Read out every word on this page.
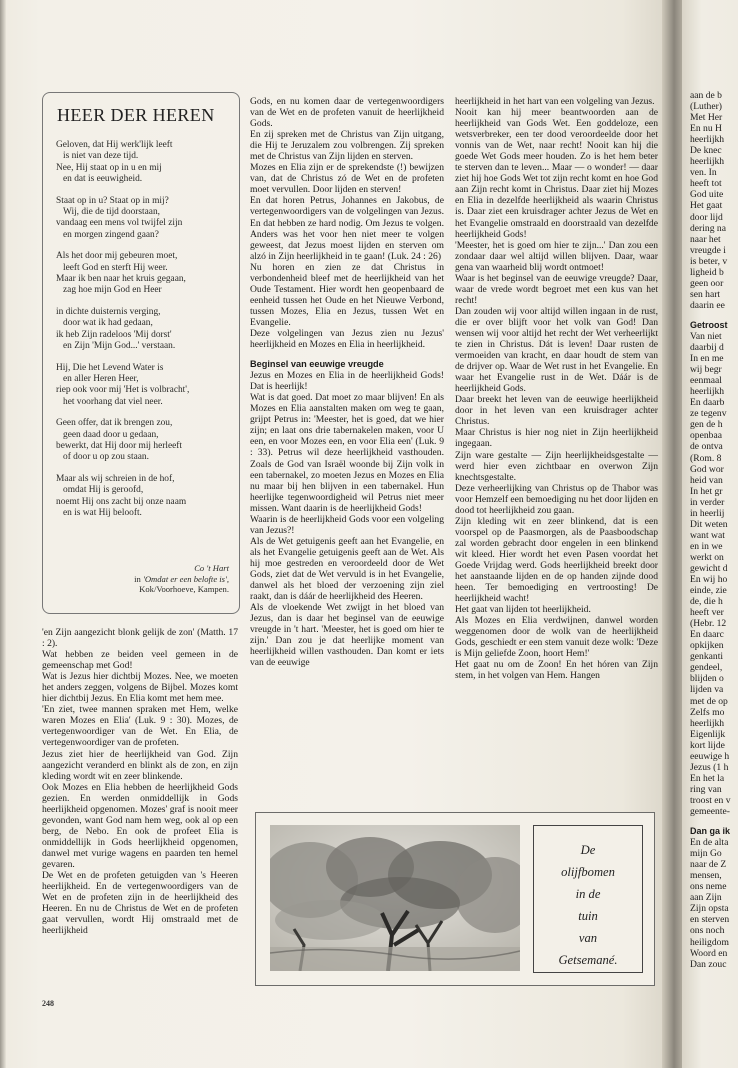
HEER DER HEREN
Geloven, dat Hij werk'lijk leeft
is niet van deze tijd.
Nee, Hij staat op in u en mij
en dat is eeuwigheid.
Staat op in u? Staat op in mij?
Wij, die de tijd doorstaan,
vandaag een mens vol twijfel zijn
en morgen zingend gaan?
Als het door mij gebeuren moet,
leeft God en sterft Hij weer.
Maar ik ben naar het kruis gegaan,
zag hoe mijn God en Heer
in dichte duisternis verging,
door wat ik had gedaan,
ik heb Zijn radeloos 'Mij dorst'
en Zijn 'Mijn God...' verstaan.
Hij, Die het Levend Water is
en aller Heren Heer,
riep ook voor mij 'Het is volbracht',
het voorhang dat viel neer.
Geen offer, dat ik brengen zou,
geen daad door u gedaan,
bewerkt, dat Hij door mij herleeft
of door u op zou staan.
Maar als wij schreien in de hof,
omdat Hij is geroofd,
noemt Hij ons zacht bij onze naam
en is wat Hij belooft.
Co 't Hart
in 'Omdat er een belofte is',
Kok/Voorhoeve, Kampen.

'en Zijn aangezicht blonk gelijk de zon' (Matth. 17 : 2).

Wat hebben ze beiden veel gemeen in de gemeenschap met God!

Wat is Jezus hier dichtbij Mozes. Nee, we moeten het anders zeggen, volgens de Bijbel. Mozes komt hier dichtbij Jezus. En Elia komt met hem mee.

'En ziet, twee mannen spraken met Hem, welke waren Mozes en Elia' (Luk. 9 : 30). Mozes, de vertegenwoordiger van de Wet. En Elia, de vertegenwoordiger van de profeten.

Jezus ziet hier de heerlijkheid van God. Zijn aangezicht veranderd en blinkt als de zon, en zijn kleding wordt wit en zeer blinkende.

Ook Mozes en Elia hebben de heerlijkheid Gods gezien. En werden onmiddellijk in Gods heerlijkheid opgenomen. Mozes' graf is nooit meer gevonden, want God nam hem weg, ook al op een berg, de Nebo. En ook de profeet Elia is onmiddellijk in Gods heerlijkheid opgenomen, danwel met vurige wagens en paarden ten hemel gevaren.

De Wet en de profeten getuigden van 's Heeren heerlijkheid. En de vertegenwoordigers van de Wet en de profeten zijn in de heerlijkheid des Heeren. En nu de Christus de Wet en de profeten gaat vervullen, wordt Hij omstraald met de heerlijkheid

Gods, en nu komen daar de vertegenwoordigers van de Wet en de profeten vanuit de heerlijkheid Gods.

En zij spreken met de Christus van Zijn uitgang, die Hij te Jeruzalem zou volbrengen. Zij spreken met de Christus van Zijn lijden en sterven.

Mozes en Elia zijn er de sprekendste (!) bewijzen van, dat de Christus zó de Wet en de profeten moet vervullen. Door lijden en sterven!

En dat horen Petrus, Johannes en Jakobus, de vertegenwoordigers van de volgelingen van Jezus. En dat hebben ze hard nodig. Om Jezus te volgen. Anders was het voor hen niet meer te volgen geweest, dat Jezus moest lijden en sterven om alzó in Zijn heerlijkheid in te gaan! (Luk. 24 : 26)

Nu horen en zien ze dat Christus in verbondenheid bleef met de heerlijkheid van het Oude Testament. Hier wordt hen geopenbaard de eenheid tussen het Oude en het Nieuwe Verbond, tussen Mozes, Elia en Jezus, tussen Wet en Evangelie.

Deze volgelingen van Jezus zien nu Jezus' heerlijkheid en Mozes en Elia in heerlijkheid.

Beginsel van eeuwige vreugde

Jezus en Mozes en Elia in de heerlijkheid Gods! Dat is heerlijk!

Wat is dat goed. Dat moet zo maar blijven! En als Mozes en Elia aanstalten maken om weg te gaan, grijpt Petrus in: 'Meester, het is goed, dat we hier zijn; en laat ons drie tabernakelen maken, voor U een, en voor Mozes een, en voor Elia een' (Luk. 9 : 33). Petrus wil deze heerlijkheid vasthouden. Zoals de God van Israël woonde bij Zijn volk in een tabernakel, zo moeten Jezus en Mozes en Elia nu maar bij hen blijven in een tabernakel. Hun heerlijke tegenwoordigheid wil Petrus niet meer missen. Want daarin is de heerlijkheid Gods!

Waarin is de heerlijkheid Gods voor een volgeling van Jezus?!

Als de Wet getuigenis geeft aan het Evangelie, en als het Evangelie getuigenis geeft aan de Wet. Als hij moe gestreden en veroordeeld door de Wet Gods, ziet dat de Wet vervuld is in het Evangelie, danwel als het bloed der verzoening zijn ziel raakt, dan is dáár de heerlijkheid des Heeren.

Als de vloekende Wet zwijgt in het bloed van Jezus, dan is daar het beginsel van de eeuwige vreugde in 't hart. 'Meester, het is goed om hier te zijn.' Dan zou je dat heerlijke moment van heerlijkheid willen vasthouden. Dan komt er iets van de eeuwige

heerlijkheid in het hart van een volgeling van Jezus.

Nooit kan hij meer beantwoorden aan de heerlijkheid van Gods Wet. Een goddeloze, een wetsverbreker, een ter dood veroordeelde door het vonnis van de Wet, naar recht! Nooit kan hij die goede Wet Gods meer houden. Zo is het hem beter te sterven dan te leven... Maar — o wonder! — daar ziet hij hoe Gods Wet tot zijn recht komt en hoe God aan Zijn recht komt in Christus. Daar ziet hij Mozes en Elia in dezelfde heerlijkheid als waarin Christus is. Daar ziet een kruisdrager achter Jezus de Wet en het Evangelie omstraald en doorstraald van dezelfde heerlijkheid Gods!

'Meester, het is goed om hier te zijn...' Dan zou een zondaar daar wel altijd willen blijven. Daar, waar gena van waarheid blij wordt ontmoet!

Waar is het beginsel van de eeuwige vreugde? Daar, waar de vrede wordt begroet met een kus van het recht!

Dan zouden wij voor altijd willen ingaan in de rust, die er over blijft voor het volk van God! Dan wensen wij voor altijd het recht der Wet verheerlijkt te zien in Christus. Dát is leven! Daar rusten de vermoeiden van kracht, en daar houdt de stem van de drijver op. Waar de Wet rust in het Evangelie. En waar het Evangelie rust in de Wet. Dáár is de heerlijkheid Gods.

Daar breekt het leven van de eeuwige heerlijkheid door in het leven van een kruisdrager achter Christus.

Maar Christus is hier nog niet in Zijn heerlijkheid ingegaan.

Zijn ware gestalte — Zijn heerlijkheidsgestalte — werd hier even zichtbaar en overwon Zijn knechtsgestalte.

Deze verheerlijking van Christus op de Thabor was voor Hemzelf een bemoediging nu het door lijden en dood tot heerlijkheid zou gaan.

Zijn kleding wit en zeer blinkend, dat is een voorspel op de Paasmorgen, als de Paasboodschap zal worden gebracht door engelen in een blinkend wit kleed. Hier wordt het even Pasen voordat het Goede Vrijdag werd. Gods heerlijkheid breekt door het aanstaande lijden en de op handen zijnde dood heen. Ter bemoediging en vertroosting! De heerlijkheid wacht!

Het gaat van lijden tot heerlijkheid.

Als Mozes en Elia verdwijnen, danwel worden weggenomen door de wolk van de heerlijkheid Gods, geschiedt er een stem vanuit deze wolk: 'Deze is Mijn geliefde Zoon, hoort Hem!'

Het gaat nu om de Zoon! En het hóren van Zijn stem, in het volgen van Hem. Hangen

De
olijfbomen
in de
tuin
van
Getsemané.
248

aan de b

(Luther)

Met Her

En nu H

heerlijkh

De knec

heerlijkh

ven. In

heeft tot

God uite

Het gaat

door lijd

dering na

naar het

vreugde i

is beter, v

ligheid b

geen oor

sen hart

daarin ee

Getroost

Van niet

daarbij d

In en me

wij begr

eenmaal

heerlijkh

En daarb

ze tegenv

gen de h

openbaa

de ontva

(Rom. 8

God wor

heid van

In het gr

in verder

in heerlij

Dit weten

want wat

en in we

werkt on

gewicht d

En wij ho

einde, zie

de, die h

heeft ver

(Hebr. 12

En daarc

opkijken

genkanti

gendeel,

blijden o

lijden va

met de op

Zelfs mo

heerlijkh

Eigenlijk

kort lijde

eeuwige h

Jezus (1 h

En het la

ring van

troost en v

gemeente-

Dan ga ik

En de alta

mijn Go

naar de Z

mensen,

ons neme

aan Zijn

Zijn opsta

en sterven

ons noch

heiligdom

Woord en

Dan zouc
